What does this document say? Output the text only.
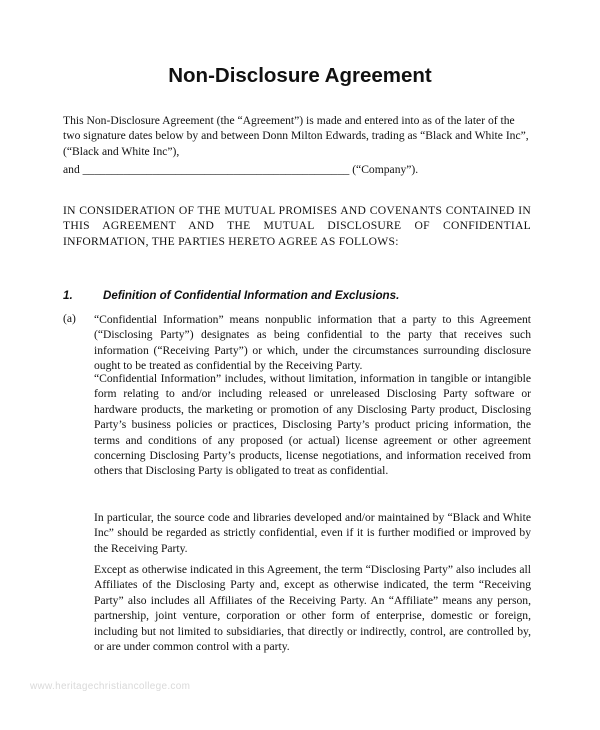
Non-Disclosure Agreement

This Non-Disclosure Agreement (the “Agreement”) is made and entered into as of the later of the two signature dates below by and between Donn Milton Edwards, trading as “Black and White Inc”, (“Black and White Inc”),

and ______________________________________________ (“Company”).

IN CONSIDERATION OF THE MUTUAL PROMISES AND COVENANTS CONTAINED IN THIS AGREEMENT AND THE MUTUAL DISCLOSURE OF CONFIDENTIAL INFORMATION, THE PARTIES HERETO AGREE AS FOLLOWS:

1.	Definition of Confidential Information and Exclusions.
(a) “Confidential Information” means nonpublic information that a party to this Agreement (“Disclosing Party”) designates as being confidential to the party that receives such information (“Receiving Party”) or which, under the circumstances surrounding disclosure ought to be treated as confidential by the Receiving Party.

“Confidential Information” includes, without limitation, information in tangible or intangible form relating to and/or including released or unreleased Disclosing Party software or hardware products, the marketing or promotion of any Disclosing Party product, Disclosing Party’s business policies or practices, Disclosing Party’s product pricing information, the terms and conditions of any proposed (or actual) license agreement or other agreement concerning Disclosing Party’s products, license negotiations, and information received from others that Disclosing Party is obligated to treat as confidential.

In particular, the source code and libraries developed and/or maintained by “Black and White Inc” should be regarded as strictly confidential, even if it is further modified or improved by the Receiving Party.

Except as otherwise indicated in this Agreement, the term “Disclosing Party” also includes all Affiliates of the Disclosing Party and, except as otherwise indicated, the term “Receiving Party” also includes all Affiliates of the Receiving Party. An “Affiliate” means any person, partnership, joint venture, corporation or other form of enterprise, domestic or foreign, including but not limited to subsidiaries, that directly or indirectly, control, are controlled by, or are under common control with a party.

www.heritagechristiancollege.com
